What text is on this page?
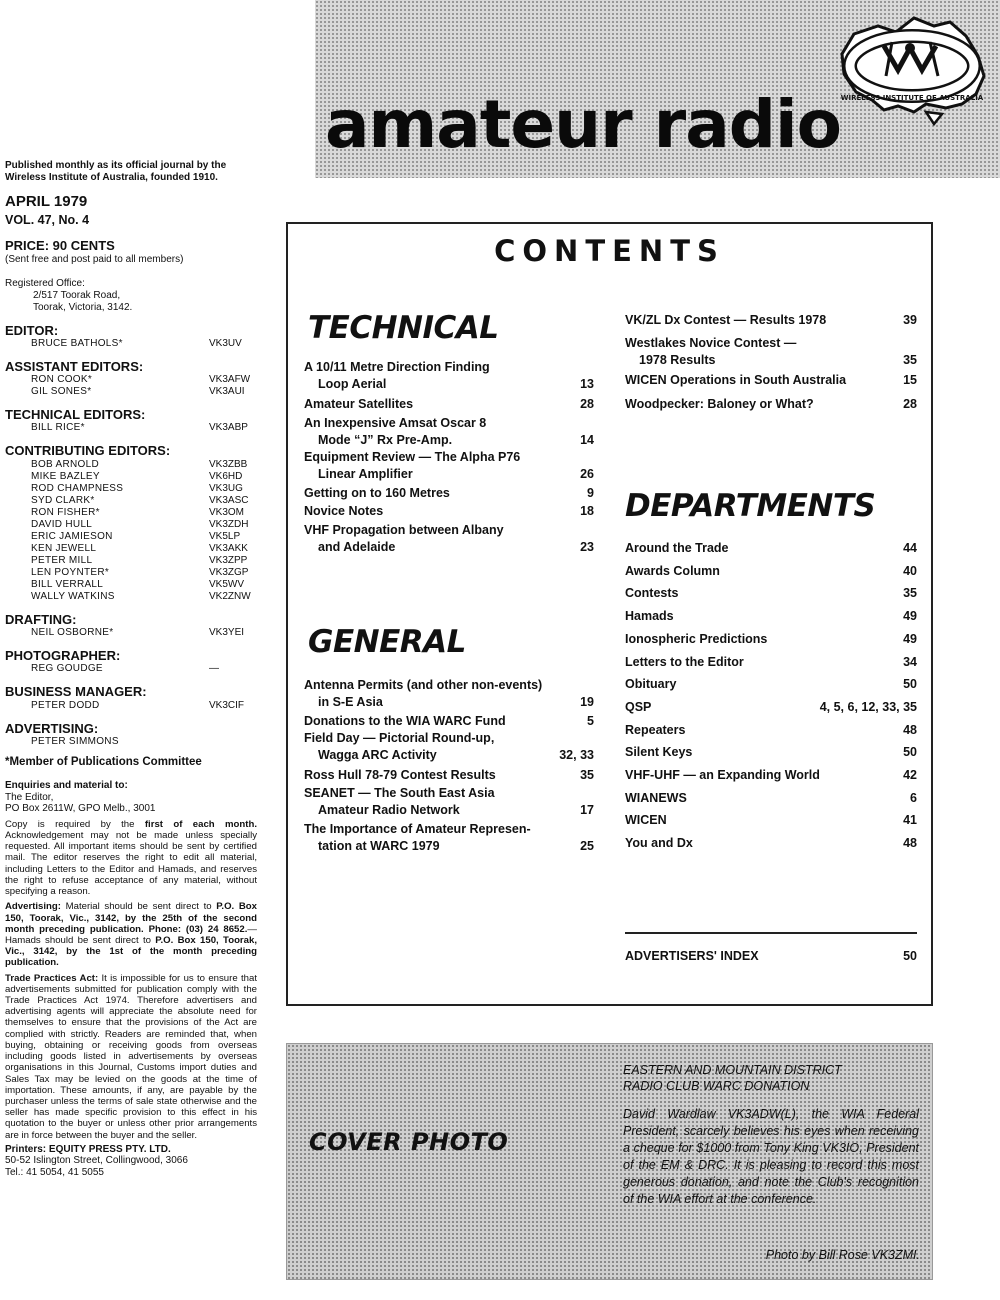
amateur radio WIRELESS INSTITUTE OF AUSTRALIA
Published monthly as its official journal by the Wireless Institute of Australia, founded 1910.
APRIL 1979
VOL. 47, No. 4
PRICE: 90 CENTS
(Sent free and post paid to all members)
Registered Office:
2/517 Toorak Road,
Toorak, Victoria, 3142.
EDITOR:
BRUCE BATHOLS*	VK3UV
ASSISTANT EDITORS:
RON COOK*	VK3AFW
GIL SONES*	VK3AUI
TECHNICAL EDITORS:
BILL RICE*	VK3ABP
CONTRIBUTING EDITORS:
BOB ARNOLD	VK3ZBB
MIKE BAZLEY	VK6HD
ROD CHAMPNESS	VK3UG
SYD CLARK*	VK3ASC
RON FISHER*	VK3OM
DAVID HULL	VK3ZDH
ERIC JAMIESON	VK5LP
KEN JEWELL	VK3AKK
PETER MILL	VK3ZPP
LEN POYNTER*	VK3ZGP
BILL VERRALL	VK5WV
WALLY WATKINS	VK2ZNW
DRAFTING:
NEIL OSBORNE*	VK3YEI
PHOTOGRAPHER:
REG GOUDGE	—
BUSINESS MANAGER:
PETER DODD	VK3CIF
ADVERTISING:
PETER SIMMONS
*Member of Publications Committee
Enquiries and material to:
The Editor,
PO Box 2611W, GPO Melb., 3001
Copy is required by the first of each month. Acknowledgement may not be made unless specially requested. All important items should be sent by certified mail. The editor reserves the right to edit all material, including Letters to the Editor and Hamads, and reserves the right to refuse acceptance of any material, without specifying a reason.
Advertising: Material should be sent direct to P.O. Box 150, Toorak, Vic., 3142, by the 25th of the second month preceding publication. Phone: (03) 24 8652.—Hamads should be sent direct to P.O. Box 150, Toorak, Vic., 3142, by the 1st of the month preceding publication.
Trade Practices Act: It is impossible for us to ensure that advertisements submitted for publication comply with the Trade Practices Act 1974. Therefore advertisers and advertising agents will appreciate the absolute need for themselves to ensure that the provisions of the Act are complied with strictly. Readers are reminded that, when buying, obtaining or receiving goods from overseas including goods listed in advertisements by overseas organisations in this Journal, Customs import duties and Sales Tax may be levied on the goods at the time of importation. These amounts, if any, are payable by the purchaser unless the terms of sale state otherwise and the seller has made specific provision to this effect in his quotation to the buyer or unless other prior arrangements are in force between the buyer and the seller.
Printers: EQUITY PRESS PTY. LTD.
50-52 Islington Street, Collingwood, 3066
Tel.: 41 5054, 41 5055
CONTENTS
TECHNICAL
A 10/11 Metre Direction Finding
Loop Aerial	13
Amateur Satellites	28
An Inexpensive Amsat Oscar 8
Mode “J” Rx Pre-Amp.	14
Equipment Review — The Alpha P76
Linear Amplifier	26
Getting on to 160 Metres	9
Novice Notes	18
VHF Propagation between Albany
and Adelaide	23
GENERAL
Antenna Permits (and other non-events)
in S-E Asia	19
Donations to the WIA WARC Fund	5
Field Day — Pictorial Round-up,
Wagga ARC Activity	32, 33
Ross Hull 78-79 Contest Results	35
SEANET — The South East Asia
Amateur Radio Network	17
The Importance of Amateur Represen-
tation at WARC 1979	25
VK/ZL Dx Contest — Results 1978	39
Westlakes Novice Contest —
1978 Results	35
WICEN Operations in South Australia	15
Woodpecker: Baloney or What?	28
DEPARTMENTS
Around the Trade	44
Awards Column	40
Contests	35
Hamads	49
Ionospheric Predictions	49
Letters to the Editor	34
Obituary	50
QSP	4, 5, 6, 12, 33, 35
Repeaters	48
Silent Keys	50
VHF-UHF — an Expanding World	42
WIANEWS	6
WICEN	41
You and Dx	48
ADVERTISERS' INDEX	50
COVER PHOTO
EASTERN AND MOUNTAIN DISTRICT
RADIO CLUB WARC DONATION
David Wardlaw VK3ADW(L), the WIA Federal President, scarcely believes his eyes when receiving a cheque for $1000 from Tony King VK3IO, President of the EM & DRC. It is pleasing to record this most generous donation, and note the Club's recognition of the WIA effort at the conference.
Photo by Bill Rose VK3ZMI.
